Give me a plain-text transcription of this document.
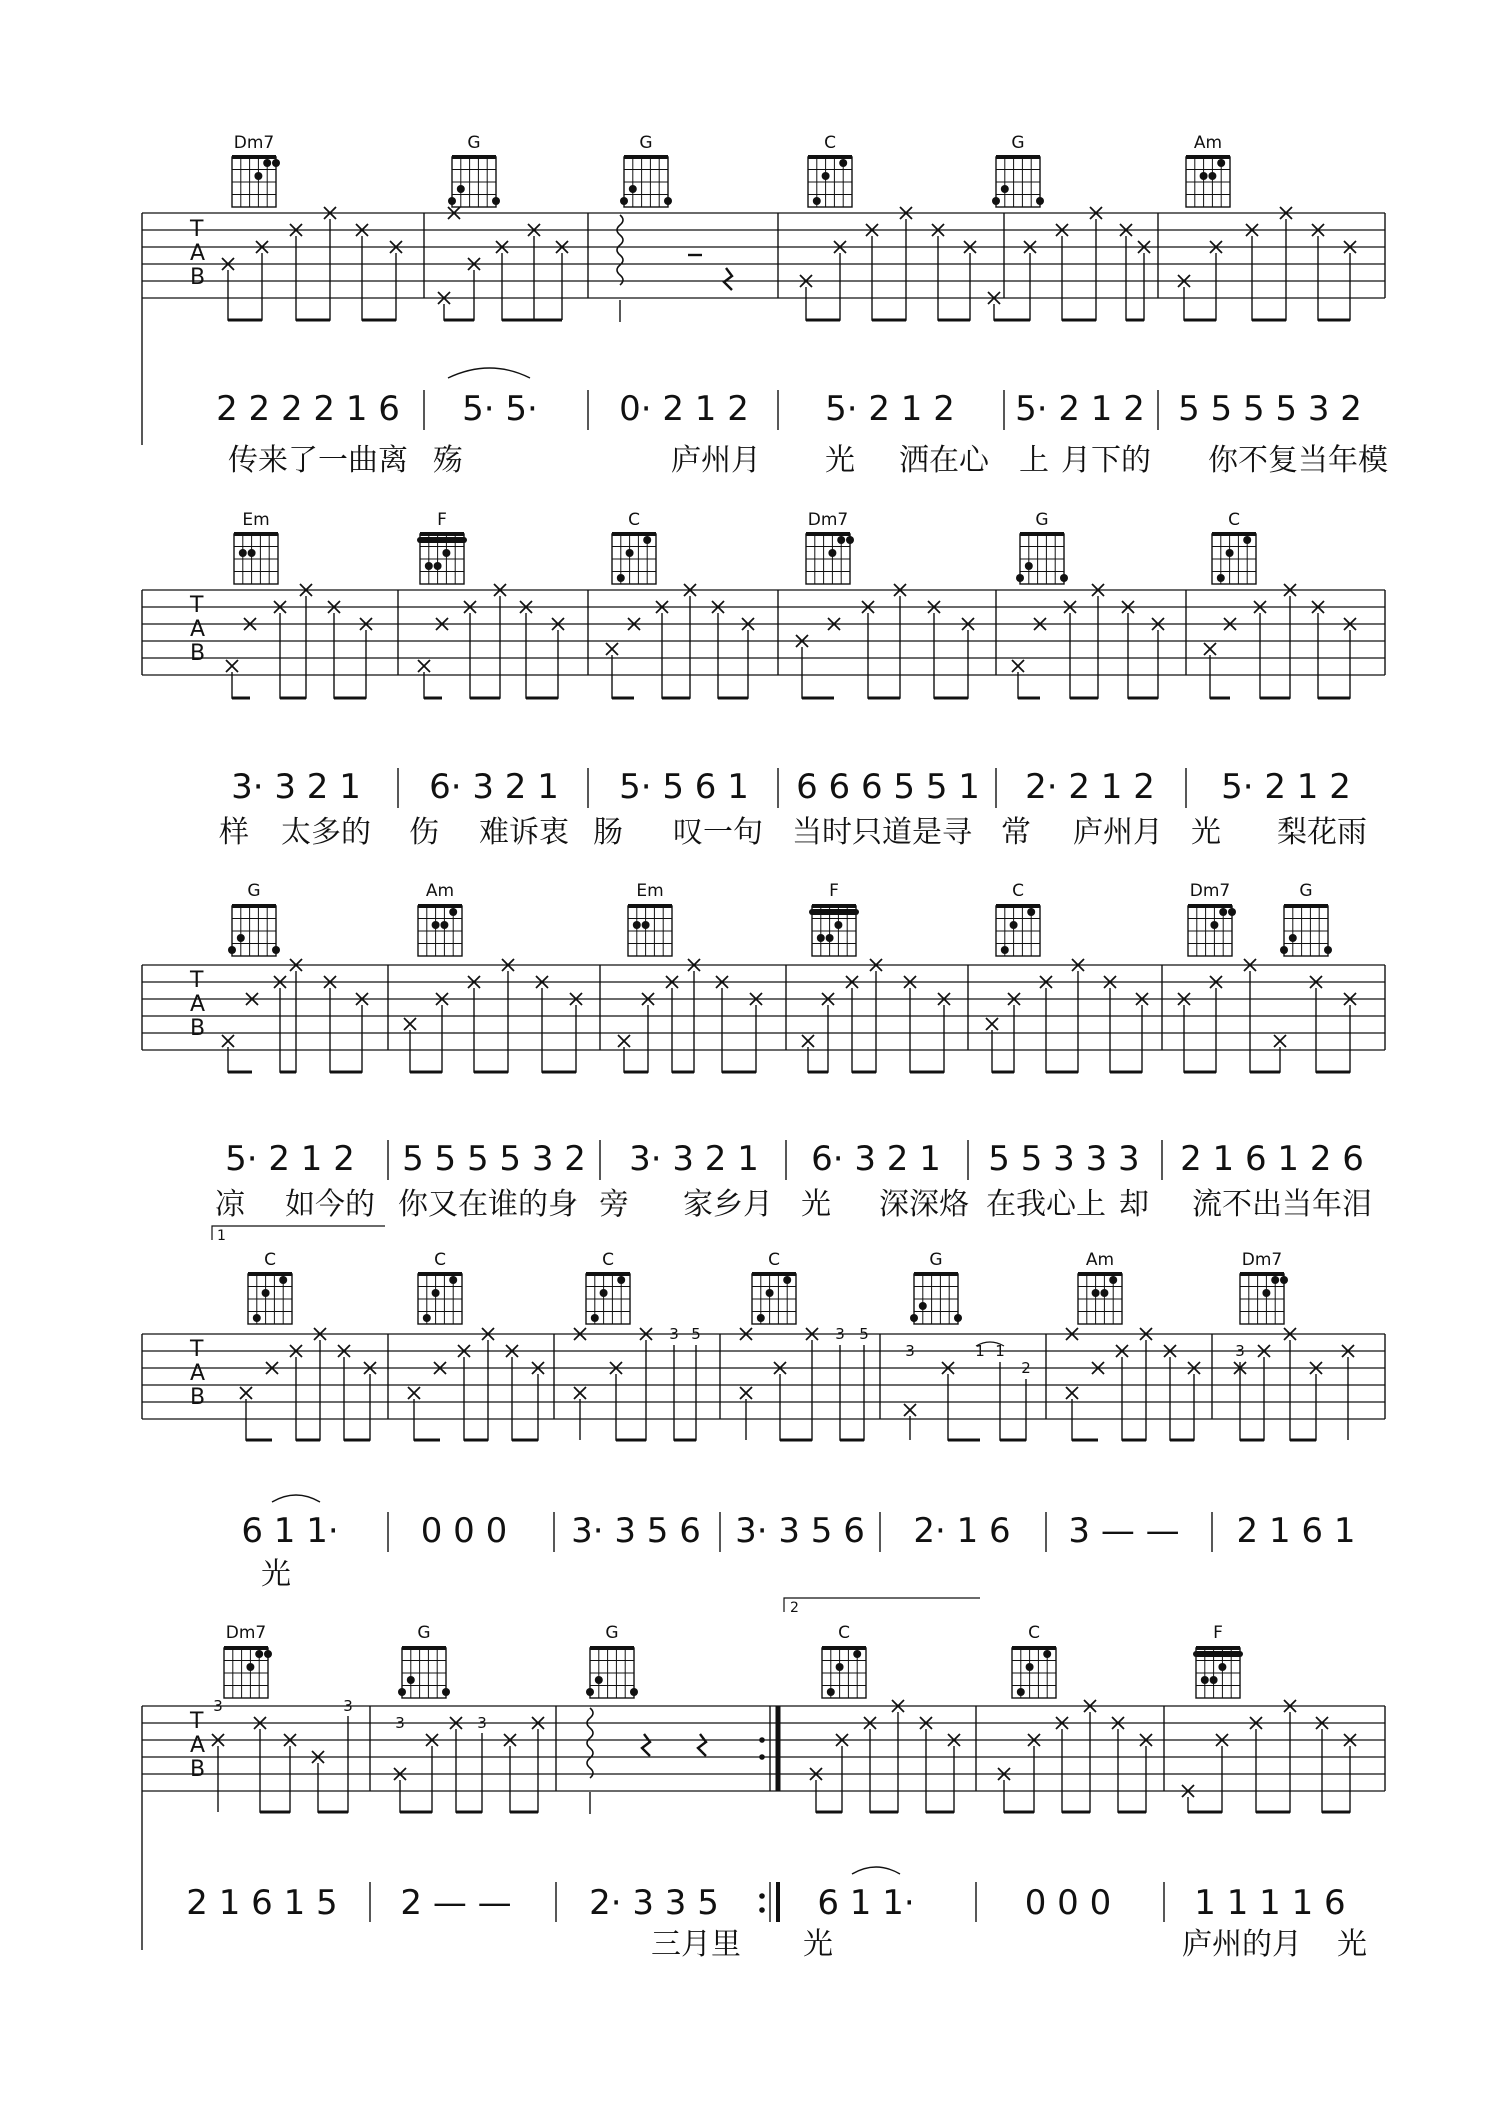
T
A
B
Dm7	G	G	C	G	Am
2 2 2 2 1 6 5· 5· 0· 2 1 2 5· 2 1 2 5· 2 1 2 5 5 5 5 3 2
传来了一曲离 殇	庐州月 光 洒在心 上 月下的 你不复当年模
T
A
B
Em	F	C	Dm7	G	C
3· 3 2 1 6· 3 2 1 5· 5 6 1 6 6 6 5 5 1 2· 2 1 2 5· 2 1 2
样 太多的 伤 难诉衷 肠 叹一句 当时只道是寻 常 庐州月 光 梨花雨
T
A
B
G	Am	Em	F	C	Dm7	G
5· 2 1 2 5 5 5 5 3 2 3· 3 2 1 6· 3 2 1 5 5 3 3 3 2 1 6 1 2 6
凉 如今的 你又在谁的身 旁 家乡月 光 深深烙 在我心上 却 流不出当年泪
1
T
A
B
C	C	C	C	G	Am	Dm7
3 5	3 5
3	1 1
2
3
6 1 1· 0 0 0 3· 3 5 6 3· 3 5 6 2· 1 6 3 — — 2 1 6 1
光
2
T
A
B
Dm7	G	G	C	C	F
3	3
3	3
2 1 6 1 5 2 — — 2· 3 3 5	6 1 1·	0 0 0 1 1 1 1 6
三月里 光	庐州的月 光
